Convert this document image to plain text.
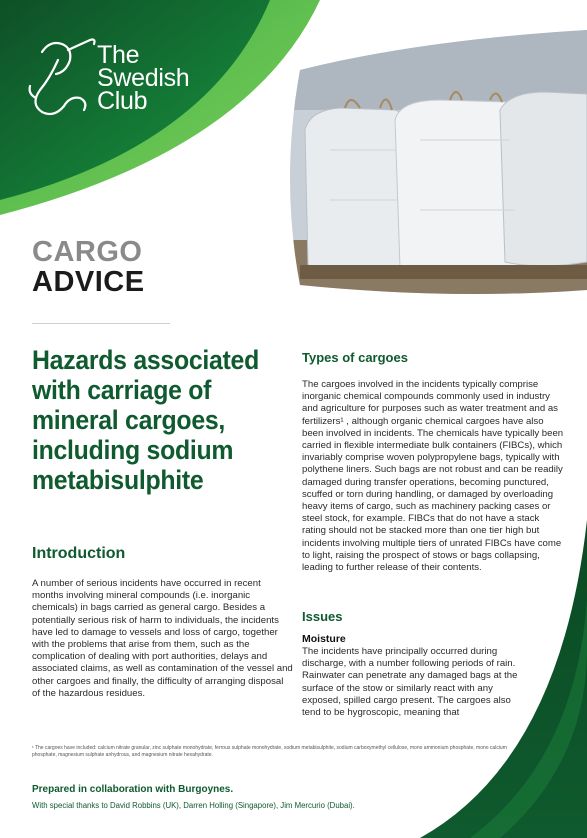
The
Swedish
Club
CARGO
ADVICE
Hazards associated
with carriage of
mineral cargoes,
including sodium
metabisulphite
Introduction
A number of serious incidents have occurred in recent months involving mineral compounds (i.e. inorganic chemicals) in bags carried as general cargo. Besides a potentially serious risk of harm to individuals, the incidents have led to damage to vessels and loss of cargo, together with the problems that arise from them, such as the complication of dealing with port authorities, delays and associated claims, as well as contamination of the vessel and other cargoes and finally, the difficulty of arranging disposal of the hazardous residues.
Types of cargoes
The cargoes involved in the incidents typically comprise inorganic chemical compounds commonly used in industry and agriculture for purposes such as water treatment and as fertilizers¹ , although organic chemical cargoes have also been involved in incidents. The chemicals have typically been carried in flexible intermediate bulk containers (FIBCs), which invariably comprise woven polypropylene bags, typically with polythene liners. Such bags are not robust and can be readily damaged during transfer operations, becoming punctured, scuffed or torn during handling, or damaged by overloading heavy items of cargo, such as machinery packing cases or steel stock, for example. FIBCs that do not have a stack rating should not be stacked more than one tier high but incidents involving multiple tiers of unrated FIBCs have come to light, raising the prospect of stows or bags collapsing, leading to further release of their contents.
Issues
Moisture
The incidents have principally occurred during discharge, with a number following periods of rain. Rainwater can penetrate any damaged bags at the surface of the stow or similarly react with any exposed, spilled cargo present. The cargoes also tend to be hygroscopic, meaning that
¹ The cargoes have included: calcium nitrate granular, zinc sulphate monohydrate, ferrous sulphate monohydrate, sodium metabisulphite, sodium carboxymethyl cellulose, mono ammonium phosphate, mono calcium phosphate, magnesium sulphate anhydrous, and magnesium nitrate hexahydrate.
Prepared in collaboration with Burgoynes.
With special thanks to David Robbins (UK), Darren Holling (Singapore), Jim Mercurio (Dubai).
